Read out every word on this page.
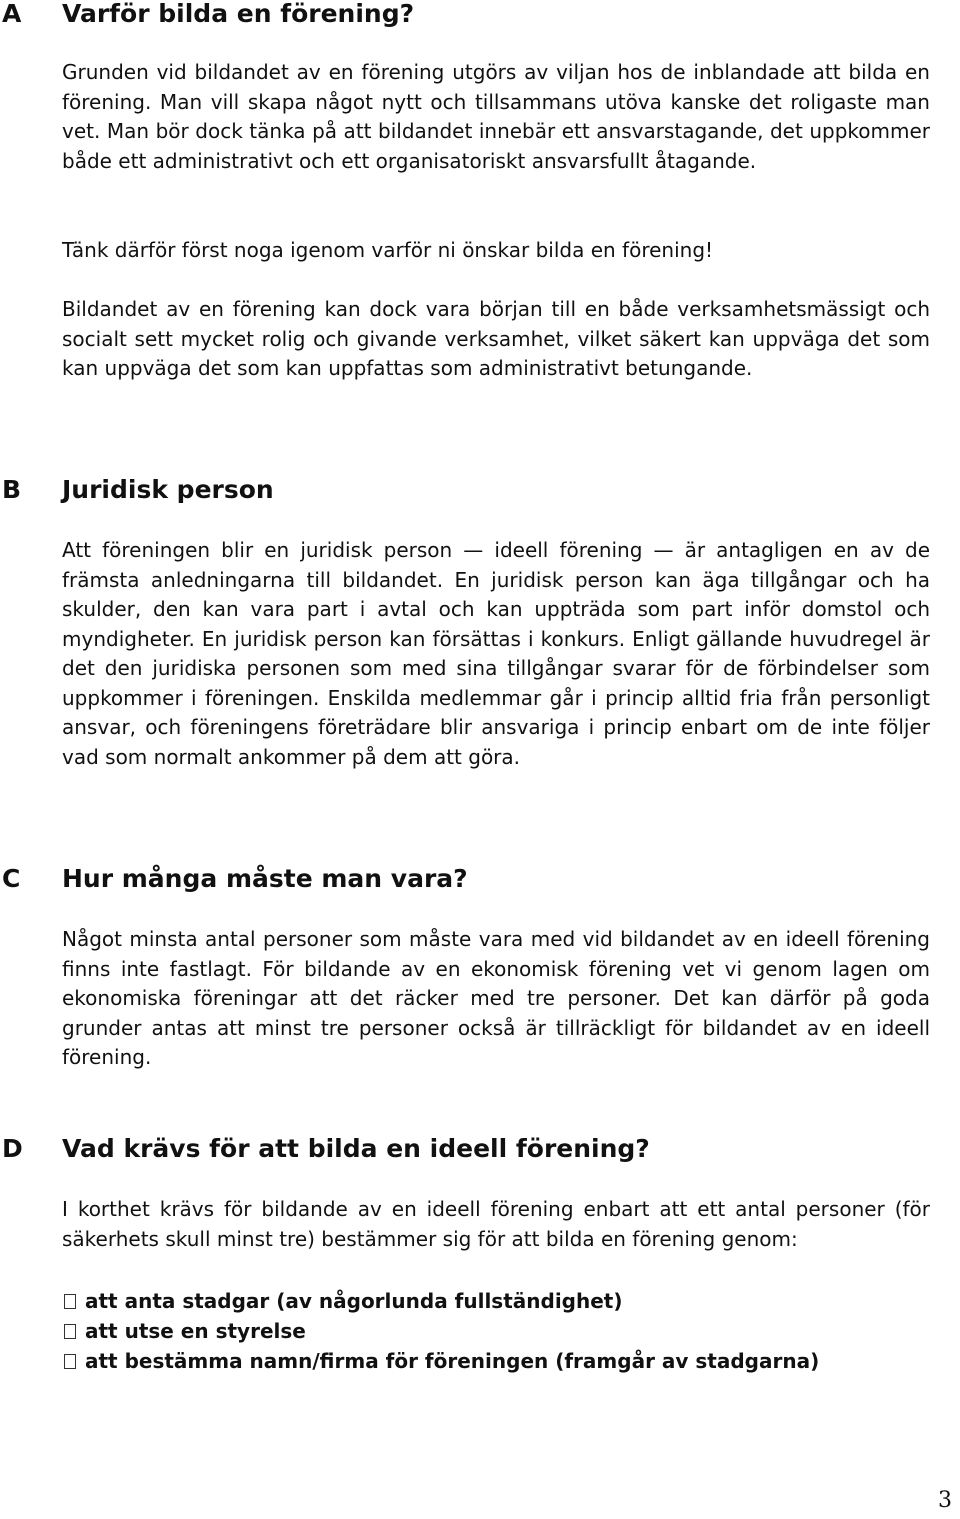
A Varför bilda en förening?

Grunden vid bildandet av en förening utgörs av viljan hos de inblandade att bilda en förening. Man vill skapa något nytt och tillsammans utöva kanske det roligaste man vet. Man bör dock tänka på att bildandet innebär ett ansvarstagande, det uppkommer både ett administrativt och ett organisatoriskt ansvarsfullt åtagande.

Tänk därför först noga igenom varför ni önskar bilda en förening!

Bildandet av en förening kan dock vara början till en både verksamhetsmässigt och socialt sett mycket rolig och givande verksamhet, vilket säkert kan uppväga det som kan uppväga det som kan uppfattas som administrativt betungande.

B Juridisk person

Att föreningen blir en juridisk person — ideell förening — är antagligen en av de främsta anledningarna till bildandet. En juridisk person kan äga tillgångar och ha skulder, den kan vara part i avtal och kan uppträda som part inför domstol och myndigheter. En juridisk person kan försättas i konkurs. Enligt gällande huvudregel är det den juridiska personen som med sina tillgångar svarar för de förbindelser som uppkommer i föreningen. Enskilda medlemmar går i princip alltid fria från personligt ansvar, och föreningens företrädare blir ansvariga i princip enbart om de inte följer vad som normalt ankommer på dem att göra.

C Hur många måste man vara?

Något minsta antal personer som måste vara med vid bildandet av en ideell förening finns inte fastlagt. För bildande av en ekonomisk förening vet vi genom lagen om ekonomiska föreningar att det räcker med tre personer. Det kan därför på goda grunder antas att minst tre personer också är tillräckligt för bildandet av en ideell förening.

D Vad krävs för att bilda en ideell förening?

I korthet krävs för bildande av en ideell förening enbart att ett antal personer (för säkerhets skull minst tre) bestämmer sig för att bilda en förening genom:

att anta stadgar (av någorlunda fullständighet)
att utse en styrelse
att bestämma namn/firma för föreningen (framgår av stadgarna)
3
